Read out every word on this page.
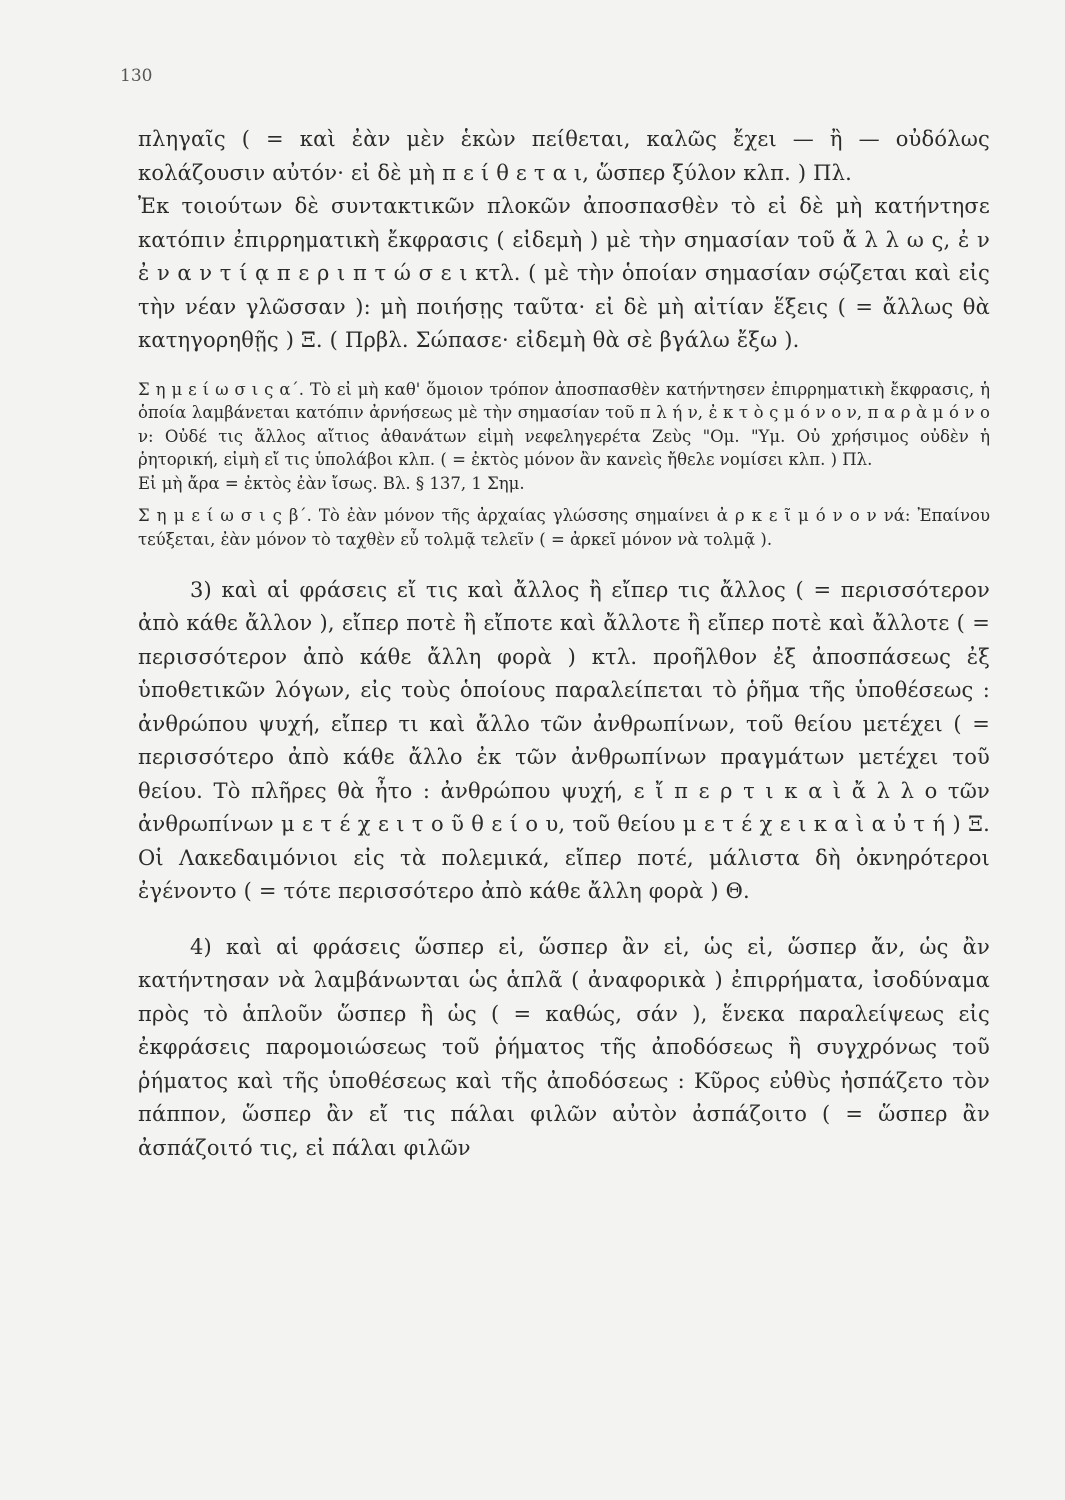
130

πληγαῖς ( = καὶ ἐὰν μὲν ἑκὼν πείθεται, καλῶς ἔχει — ἢ — οὐδόλως κολάζουσιν αὐτόν· εἰ δὲ μὴ π ε ί θ ε τ α ι, ὥσπερ ξύλον κλπ. ) Πλ.

Ἐκ τοιούτων δὲ συντακτικῶν πλοκῶν ἀποσπασθὲν τὸ εἰ δὲ μὴ κατήντησε κατόπιν ἐπιρρηματικὴ ἔκφρασις ( εἰδεμὴ ) μὲ τὴν σημασίαν τοῦ ἄ λ λ ω ς, ἐ ν ἐ ν α ν τ ί ᾳ π ε ρ ι π τ ώ σ ε ι κτλ. ( μὲ τὴν ὁποίαν σημασίαν σῴζεται καὶ εἰς τὴν νέαν γλῶσσαν ): μὴ ποιήσῃς ταῦτα· εἰ δὲ μὴ αἰτίαν ἕξεις ( = ἄλλως θὰ κατηγορηθῇς ) Ξ. ( Πρβλ. Σώπασε· εἰδεμὴ θὰ σὲ βγάλω ἔξω ).

Σ η μ ε ί ω σ ι ς α΄. Τὸ εἰ μὴ καθ' ὅμοιον τρόπον ἀποσπασθὲν κατήντησεν ἐπιρρηματικὴ ἔκφρασις, ἡ ὁποία λαμβάνεται κατόπιν ἀρνήσεως μὲ τὴν σημασίαν τοῦ π λ ή ν, ἐ κ τ ὸ ς μ ό ν ο ν, π α ρ ὰ μ ό ν ο ν: Οὐδέ τις ἄλλος αἴτιος ἀθανάτων εἰμὴ νεφεληγερέτα Ζεὺς "Ομ. "Υμ. Οὐ χρήσιμος οὐδὲν ἡ ῥητορική, εἰμὴ εἴ τις ὑπολάβοι κλπ. ( = ἐκτὸς μόνον ἂν κανεὶς ἤθελε νομίσει κλπ. ) Πλ.

Εἰ μὴ ἄρα = ἐκτὸς ἐὰν ἴσως. Βλ. § 137, 1 Σημ.

Σ η μ ε ί ω σ ι ς β΄. Τὸ ἐὰν μόνον τῆς ἀρχαίας γλώσσης σημαίνει ἀ ρ κ ε ῖ μ ό ν ο ν νά: Ἐπαίνου τεύξεται, ἐὰν μόνον τὸ ταχθὲν εὖ τολμᾷ τελεῖν ( = ἀρκεῖ μόνον νὰ τολμᾷ ).

3) καὶ αἱ φράσεις εἴ τις καὶ ἄλλος ἢ εἴπερ τις ἄλλος ( = περισσότερον ἀπὸ κάθε ἄλλον ), εἴπερ ποτὲ ἢ εἴποτε καὶ ἄλλοτε ἢ εἴπερ ποτὲ καὶ ἄλλοτε ( = περισσότερον ἀπὸ κάθε ἄλλη φορὰ ) κτλ. προῆλθον ἐξ ἀποσπάσεως ἐξ ὑποθετικῶν λόγων, εἰς τοὺς ὁποίους παραλείπεται τὸ ῥῆμα τῆς ὑποθέσεως : ἀνθρώπου ψυχή, εἴπερ τι καὶ ἄλλο τῶν ἀνθρωπίνων, τοῦ θείου μετέχει ( = περισσότερο ἀπὸ κάθε ἄλλο ἐκ τῶν ἀνθρωπίνων πραγμάτων μετέχει τοῦ θείου. Τὸ πλῆρες θὰ ἦτο : ἀνθρώπου ψυχή, ε ἴ π ε ρ τ ι κ α ὶ ἄ λ λ ο τῶν ἀνθρωπίνων μ ε τ έ χ ε ι τ ο ῦ θ ε ί ο υ, τοῦ θείου μ ε τ έ χ ε ι κ α ὶ α ὐ τ ή ) Ξ. Οἱ Λακεδαιμόνιοι εἰς τὰ πολεμικά, εἴπερ ποτέ, μάλιστα δὴ ὀκνηρότεροι ἐγένοντο ( = τότε περισσότερο ἀπὸ κάθε ἄλλη φορὰ ) Θ.

4) καὶ αἱ φράσεις ὥσπερ εἰ, ὥσπερ ἂν εἰ, ὡς εἰ, ὥσπερ ἄν, ὡς ἂν κατήντησαν νὰ λαμβάνωνται ὡς ἁπλᾶ ( ἀναφορικὰ ) ἐπιρρήματα, ἰσοδύναμα πρὸς τὸ ἁπλοῦν ὥσπερ ἢ ὡς ( = καθώς, σάν ), ἕνεκα παραλείψεως εἰς ἐκφράσεις παρομοιώσεως τοῦ ῥήματος τῆς ἀποδόσεως ἢ συγχρόνως τοῦ ῥήματος καὶ τῆς ὑποθέσεως καὶ τῆς ἀποδόσεως : Κῦρος εὐθὺς ἠσπάζετο τὸν πάππον, ὥσπερ ἂν εἴ τις πάλαι φιλῶν αὐτὸν ἀσπάζοιτο ( = ὥσπερ ἂν ἀσπάζοιτό τις, εἰ πάλαι φιλῶν
